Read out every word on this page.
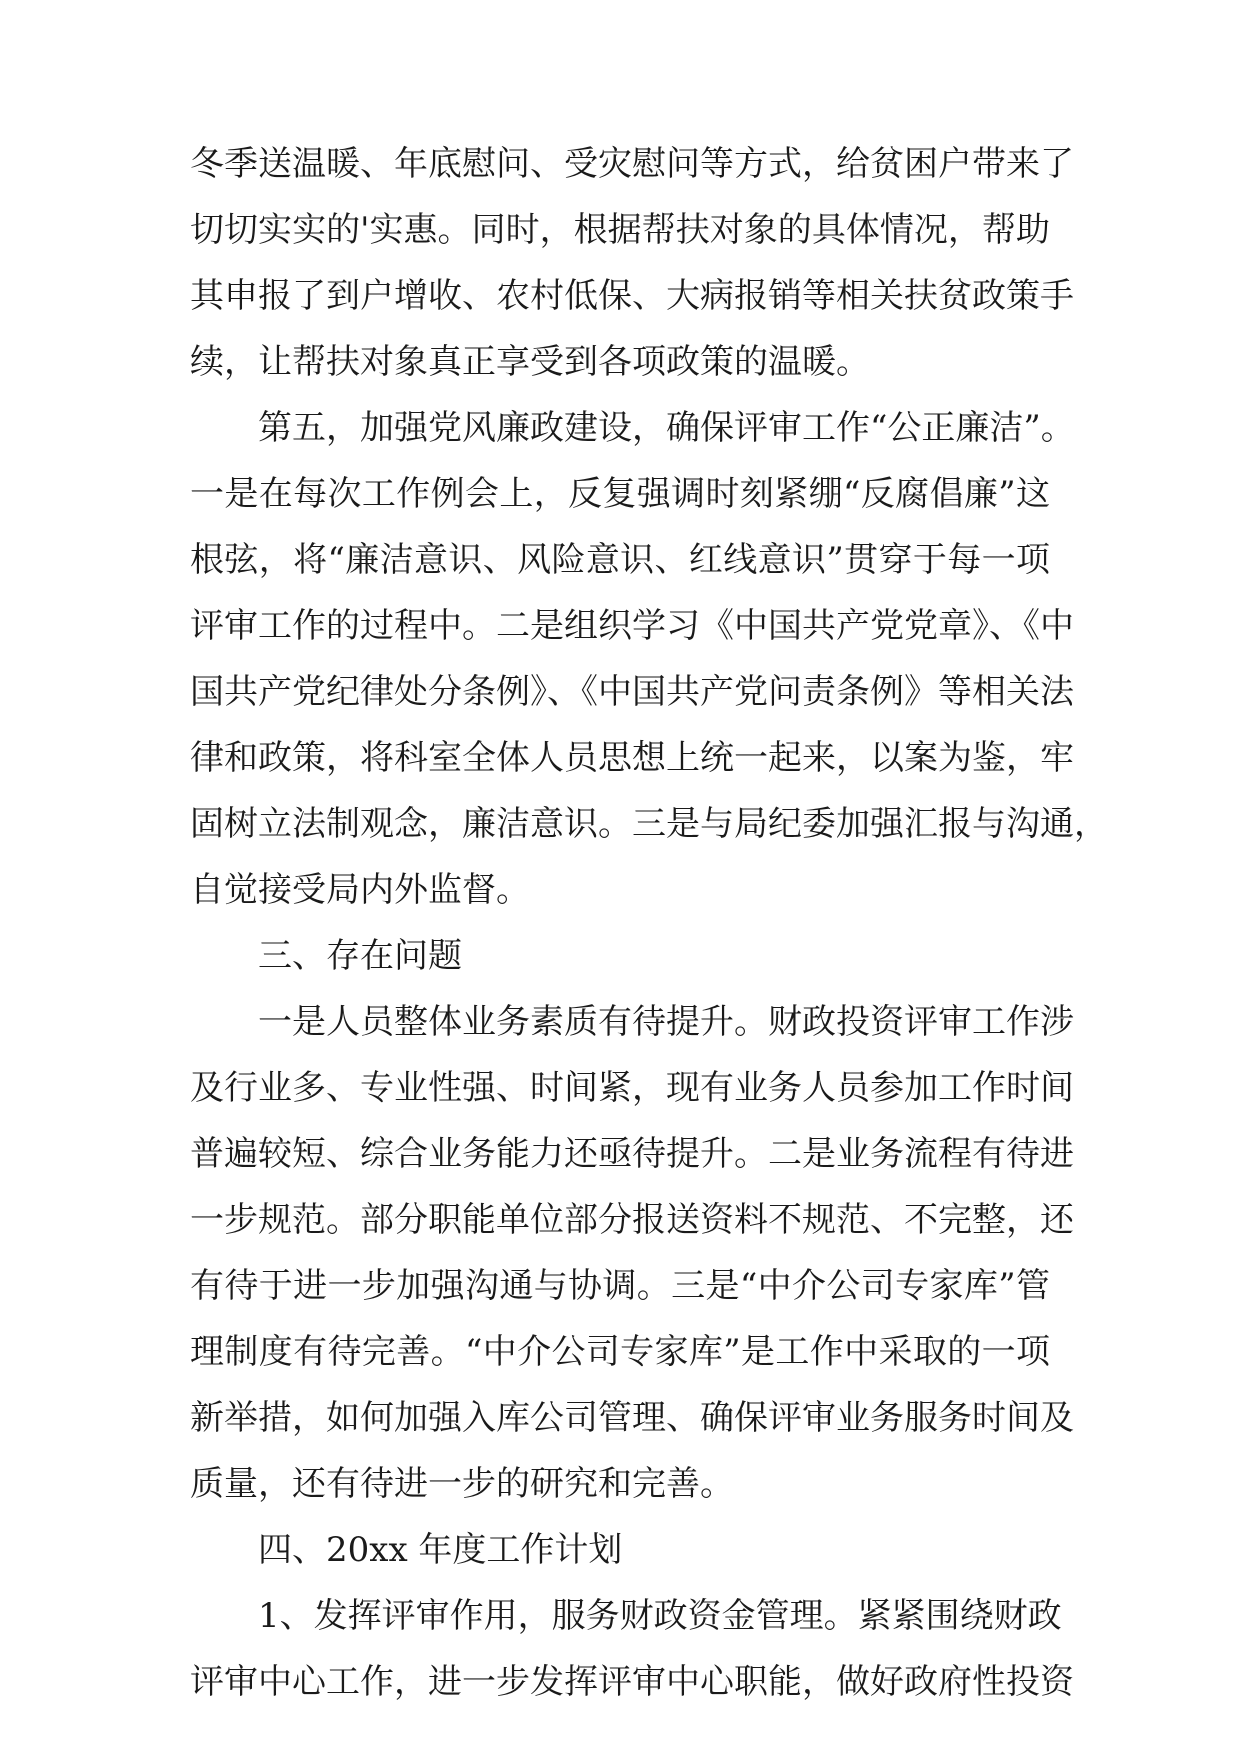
冬季送温暖、年底慰问、受灾慰问等方式，给贫困户带来了
切切实实的'实惠。同时，根据帮扶对象的具体情况，帮助
其申报了到户增收、农村低保、大病报销等相关扶贫政策手
续，让帮扶对象真正享受到各项政策的温暖。
第五，加强党风廉政建设，确保评审工作“公正廉洁”。
一是在每次工作例会上，反复强调时刻紧绷“反腐倡廉”这
根弦，将“廉洁意识、风险意识、红线意识”贯穿于每一项
评审工作的过程中。二是组织学习《中国共产党党章》、《中
国共产党纪律处分条例》、《中国共产党问责条例》等相关法
律和政策，将科室全体人员思想上统一起来，以案为鉴，牢
固树立法制观念，廉洁意识。三是与局纪委加强汇报与沟通，
自觉接受局内外监督。
三、存在问题
一是人员整体业务素质有待提升。财政投资评审工作涉
及行业多、专业性强、时间紧，现有业务人员参加工作时间
普遍较短、综合业务能力还亟待提升。二是业务流程有待进
一步规范。部分职能单位部分报送资料不规范、不完整，还
有待于进一步加强沟通与协调。三是“中介公司专家库”管
理制度有待完善。“中介公司专家库”是工作中采取的一项
新举措，如何加强入库公司管理、确保评审业务服务时间及
质量，还有待进一步的研究和完善。
四、20xx 年度工作计划
1、发挥评审作用，服务财政资金管理。紧紧围绕财政
评审中心工作，进一步发挥评审中心职能，做好政府性投资
